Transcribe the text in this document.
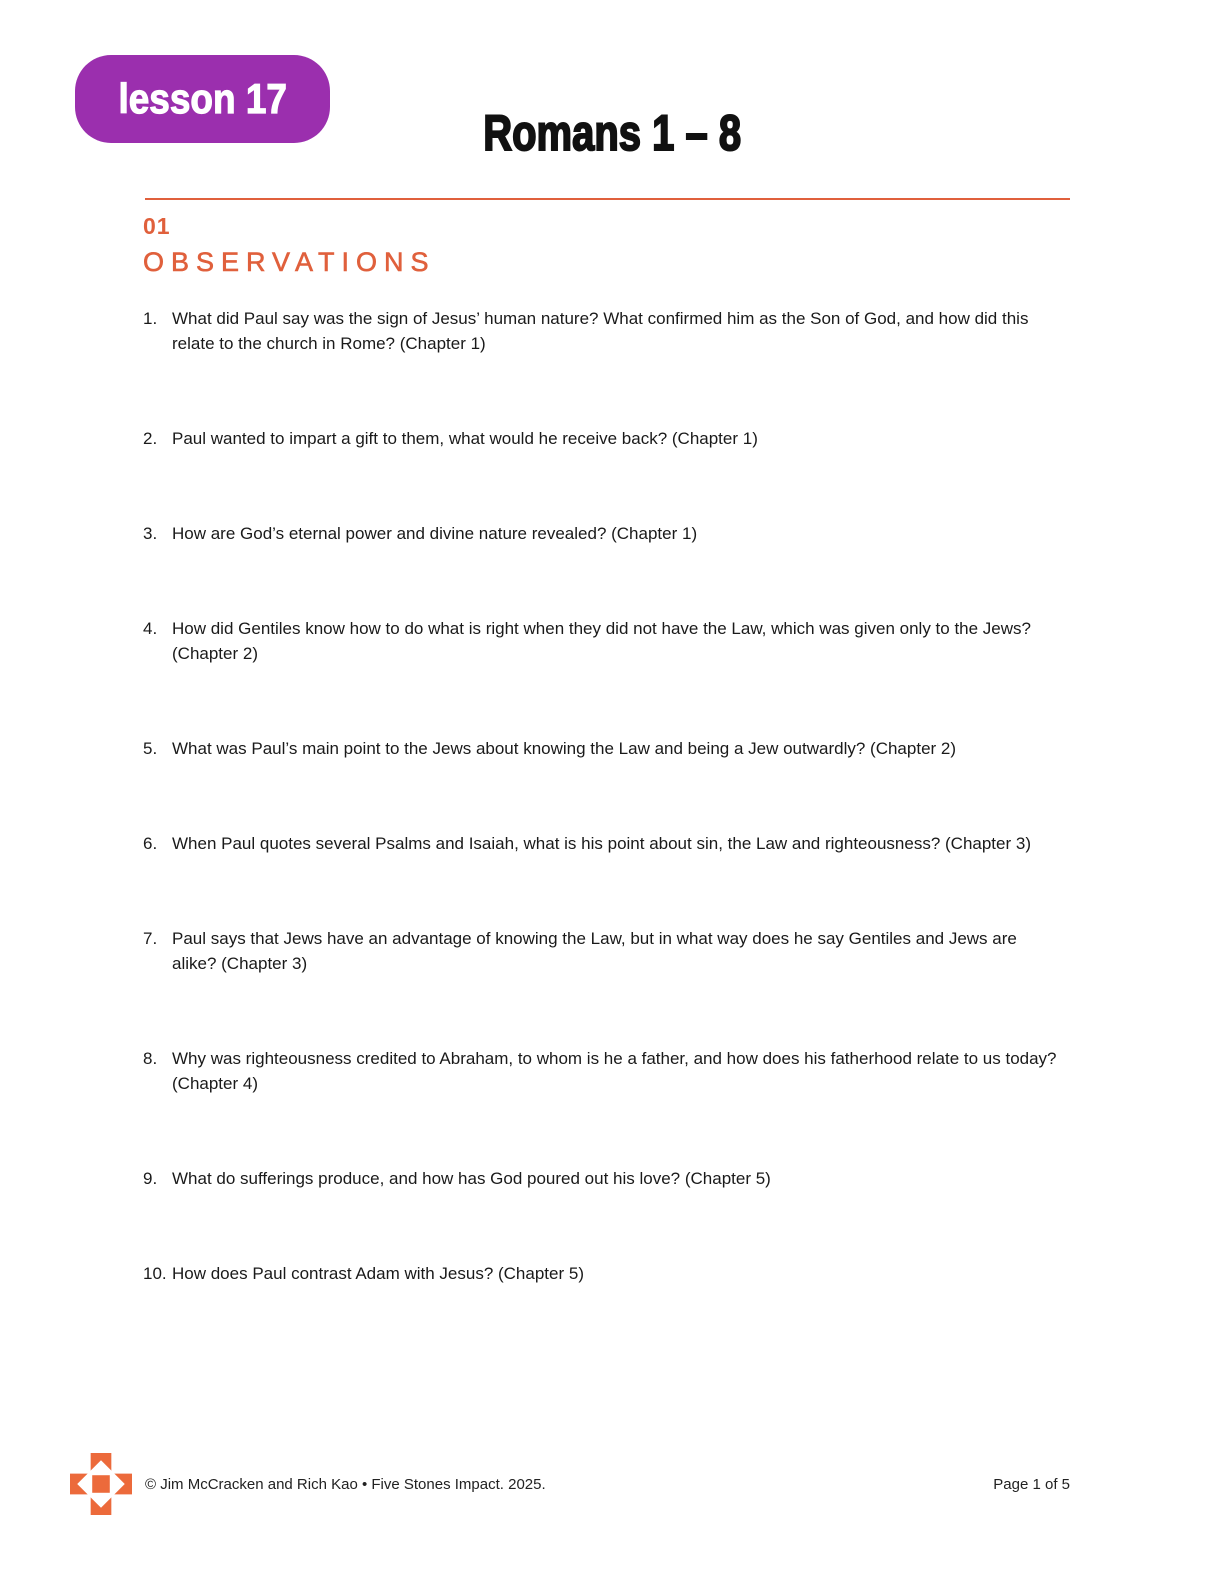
lesson 17
Romans 1 – 8
01
OBSERVATIONS
1. What did Paul say was the sign of Jesus’ human nature? What confirmed him as the Son of God, and how did this relate to the church in Rome? (Chapter 1)
2. Paul wanted to impart a gift to them, what would he receive back? (Chapter 1)
3. How are God’s eternal power and divine nature revealed? (Chapter 1)
4. How did Gentiles know how to do what is right when they did not have the Law, which was given only to the Jews? (Chapter 2)
5. What was Paul’s main point to the Jews about knowing the Law and being a Jew outwardly? (Chapter 2)
6. When Paul quotes several Psalms and Isaiah, what is his point about sin, the Law and righteousness? (Chapter 3)
7. Paul says that Jews have an advantage of knowing the Law, but in what way does he say Gentiles and Jews are alike? (Chapter 3)
8. Why was righteousness credited to Abraham, to whom is he a father, and how does his fatherhood relate to us today? (Chapter 4)
9. What do sufferings produce, and how has God poured out his love? (Chapter 5)
10. How does Paul contrast Adam with Jesus? (Chapter 5)
© Jim McCracken and Rich Kao • Five Stones Impact. 2025.	Page 1 of 5
